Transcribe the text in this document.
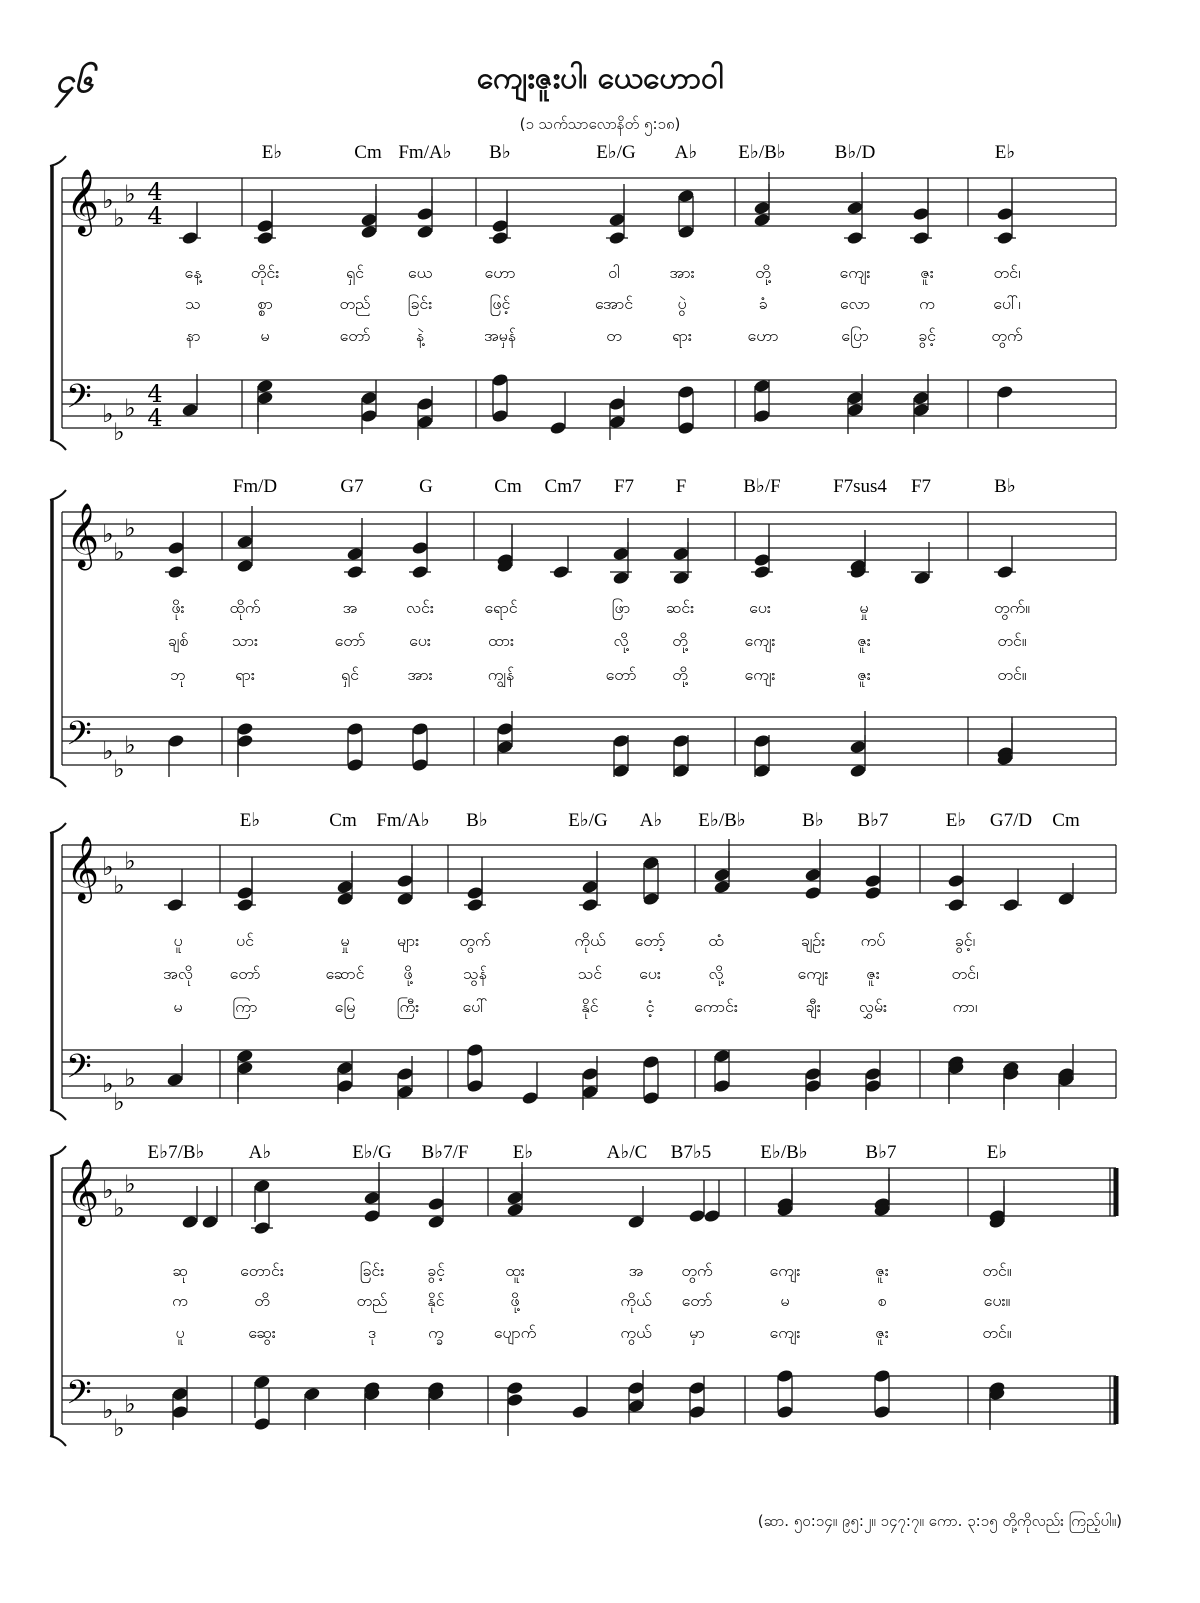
၄၆	ကျေးဇူးပါ၊ ယေဟောဝါ
(၁ သက်သာလောနိတ် ၅:၁၈)
𝄞
𝄢
♭
♭
♭
♭
♭
♭
4
4
4
4
E♭	Cm Fm/A♭ B♭	E♭/G A♭ E♭/B♭	B♭/D	E♭
နေ့	တိုင်း	ရှင်	ယေ	ဟော	ဝါ	အား	တို့	ကျေး	ဇူး	တင်၊
သ	စ္စာ	တည် ခြင်း	ဖြင့်	အောင်	ပွဲ	ခံ	လော	က	ပေါ်၊
နာ	မ	တော်	နဲ့	အမှန်	တ	ရား	ဟော	ပြော	ခွင့်	တွက်
𝄞
𝄢
♭
♭
♭
♭
♭
♭
Fm/D	G7	G	Cm Cm7 F7 F	B♭/F	F7sus4 F7	B♭
ဖိုး	ထိုက်	အ	လင်း	ရောင်	ဖြာ ဆင်း	ပေး	မှု	တွက်။
ချစ်	သား	တော်	ပေး	ထား	လို့	တို့	ကျေး	ဇူး	တင်။
ဘု	ရား	ရှင်	အား	ကျွန်	တော် တို့	ကျေး	ဇူး	တင်။
𝄞
𝄢
♭
♭
♭
♭
♭
♭
E♭	Cm Fm/A♭ B♭	E♭/G A♭ E♭/B♭	B♭ B♭7	E♭ G7/D Cm
ပူ	ပင်	မှု	များ	တွက်	ကိုယ် တော့်	ထံ	ချဉ်း ကပ်	ခွင့်၊
အလို တော်	ဆောင် ဖို့	သွန်	သင် ပေး	လို့	ကျေး ဇူး	တင်၊
မ	ကြာ	မြေ	ကြီး	ပေါ်	နိုင်	ငံ့ ကောင်း	ချီး လွှမ်း	ကာ၊
𝄞
𝄢
♭
♭
♭
♭
♭
♭
E♭7/B♭ A♭	E♭/G B♭7/F E♭	A♭/C B7♭5	E♭/B♭	B♭7	E♭
ဆု	တောင်း	ခြင်း	ခွင့်	ထူး	အ တွက်	ကျေး	ဇူး	တင်။
က	တိ	တည် နိုင်	ဖို့	ကိုယ် တော်	မ	စ	ပေး။
ပူ	ဆွေး	ဒု	က္ခ	ပျောက်	ကွယ် မှာ	ကျေး	ဇူး	တင်။
(ဆာ. ၅၀:၁၄။ ၉၅:၂။ ၁၄၇:၇။ ကော. ၃:၁၅ တို့ကိုလည်း ကြည့်ပါ။)
